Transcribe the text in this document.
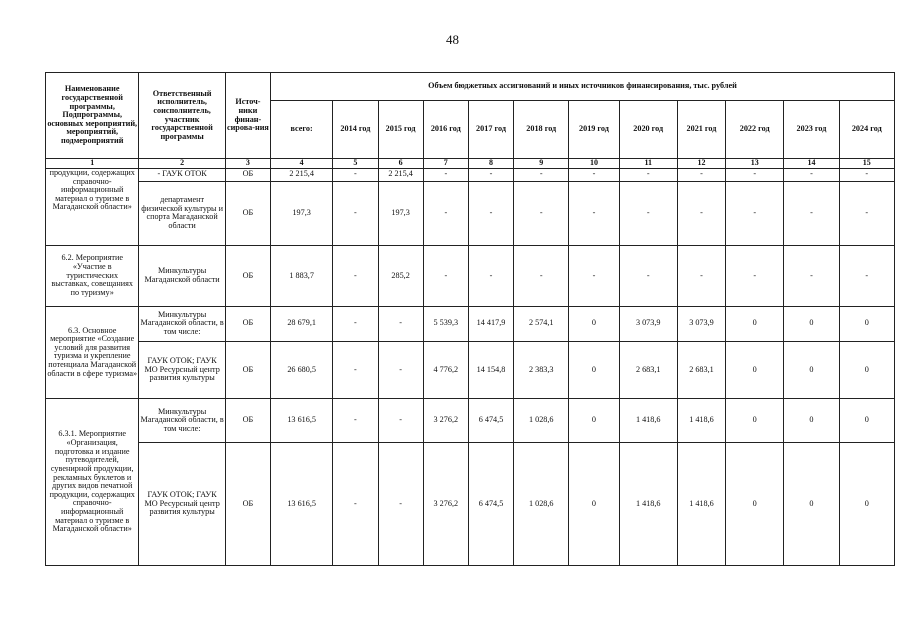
48
Наименование государственной программы, Подпрограммы, основных мероприятий, мероприятий, подмероприятий	Ответственный исполнитель, соисполнитель, участник государственной программы	Источ-ники финан-сирова-ния	Объем бюджетных ассигнований и иных источников финансирования, тыс. рублей											
			всего:	2014 год	2015 год	2016 год	2017 год	2018 год	2019 год	2020 год	2021 год	2022 год	2023 год	2024 год
1	2	3	4	5	6	7	8	9	10	11	12	13	14	15
продукции, содержащих справочно-информационный материал о туризме в Магаданской области»	- ГАУК ОТОК	ОБ	2 215,4	-	2 215,4	-	-	-	-	-	-	-	-	-
	департамент физической культуры и спорта Магаданской области	ОБ	197,3	-	197,3	-	-	-	-	-	-	-	-	-
6.2. Мероприятие «Участие в туристических выставках, совещаниях по туризму»	Минкультуры Магаданской области	ОБ	1 883,7	-	285,2	-	-	-	-	-	-	-	-	-
6.3. Основное мероприятие «Создание условий для развития туризма и укрепление потенциала Магаданской области в сфере туризма»	Минкультуры Магаданской области, в том числе:	ОБ	28 679,1	-	-	5 539,3	14 417,9	2 574,1	0	3 073,9	3 073,9	0	0	0
	ГАУК ОТОК; ГАУК МО Ресурсный центр развития культуры	ОБ	26 680,5	-	-	4 776,2	14 154,8	2 383,3	0	2 683,1	2 683,1	0	0	0
6.3.1. Мероприятие «Организация, подготовка и издание путеводителей, сувенирной продукции, рекламных буклетов и других видов печатной продукции, содержащих справочно-информационный материал о туризме в Магаданской области»	Минкультуры Магаданской области, в том числе:	ОБ	13 616,5	-	-	3 276,2	6 474,5	1 028,6	0	1 418,6	1 418,6	0	0	0
	ГАУК ОТОК; ГАУК МО Ресурсный центр развития культуры	ОБ	13 616,5	-	-	3 276,2	6 474,5	1 028,6	0	1 418,6	1 418,6	0	0	0
